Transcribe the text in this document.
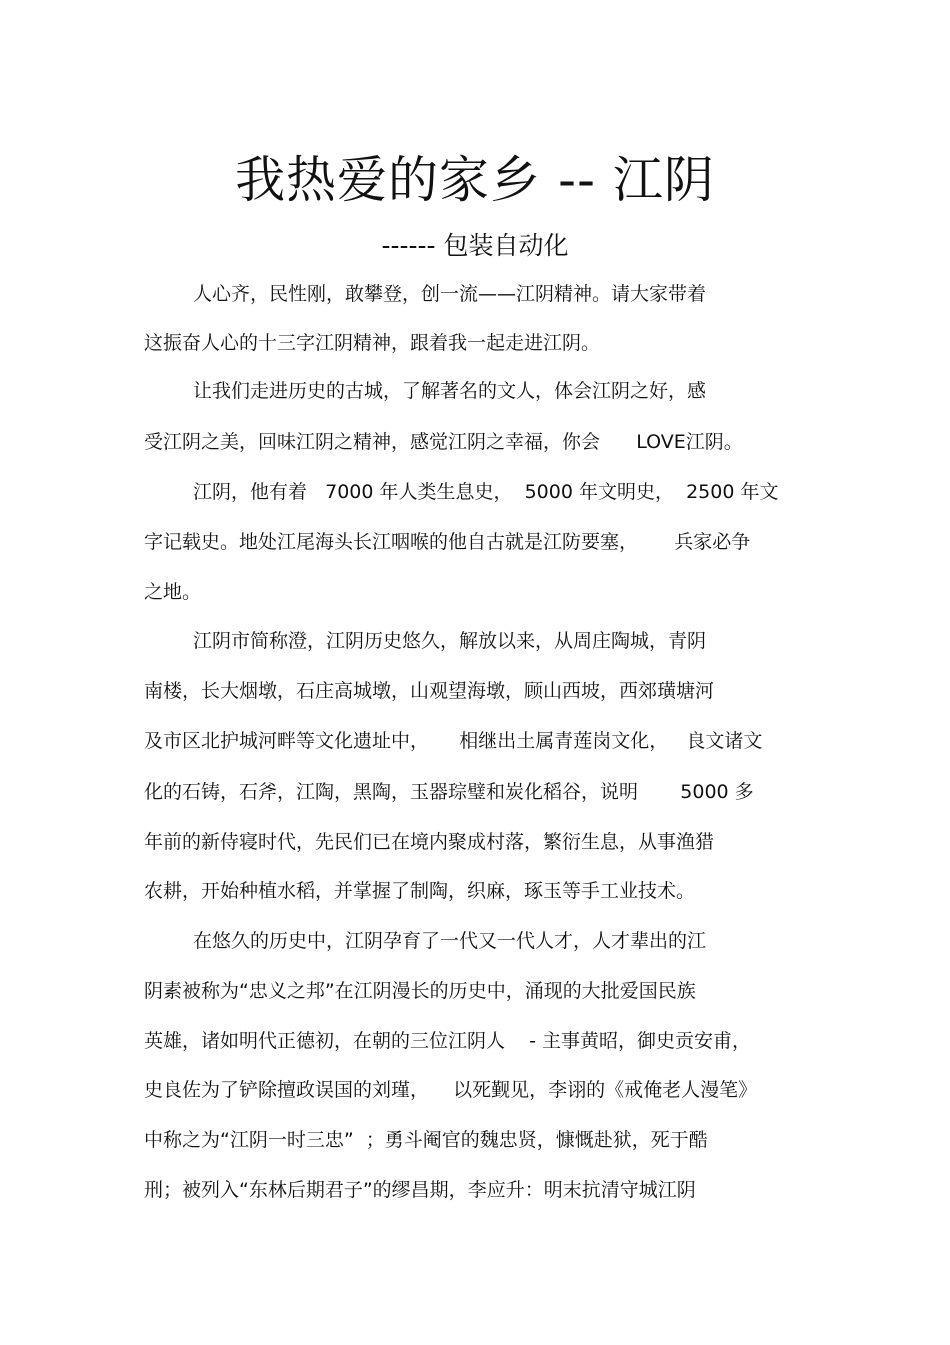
我热爱的家乡 -- 江阴
------ 包装自动化
人心齐，民性刚，敢攀登，创一流——江阴精神。请大家带着
这振奋人心的十三字江阴精神，跟着我一起走进江阴。
让我们走进历史的古城，了解著名的文人，体会江阴之好，感
受江阴之美，回味江阴之精神，感觉江阴之幸福，你会      LOVE江阴。
江阴，他有着   7000 年人类生息史，  5000 年文明史，  2500 年文
字记载史。地处江尾海头长江咽喉的他自古就是江防要塞，      兵家必争
之地。
江阴市简称澄，江阴历史悠久，解放以来，从周庄陶城，青阴
南楼，长大烟墩，石庄高城墩，山观望海墩，顾山西坡，西郊璜塘河
及市区北护城河畔等文化遗址中，     相继出土属青莲岗文化，   良文诸文
化的石铸，石斧，江陶，黑陶，玉器琮璧和炭化稻谷，说明       5000 多
年前的新侍寝时代，先民们已在境内聚成村落，繁衍生息，从事渔猎
农耕，开始种植水稻，并掌握了制陶，织麻，琢玉等手工业技术。
在悠久的历史中，江阴孕育了一代又一代人才，人才辈出的江
阴素被称为“忠义之邦”在江阴漫长的历史中，涌现的大批爱国民族
英雄，诸如明代正德初，在朝的三位江阴人    - 主事黄昭，御史贡安甫，
史良佐为了铲除擅政误国的刘瑾，    以死觐见，李诩的《戒俺老人漫笔》
中称之为“江阴一时三忠”  ；勇斗阉官的魏忠贤，慷慨赴狱，死于酷
刑；被列入“东林后期君子”的缪昌期，李应升：明末抗清守城江阴
